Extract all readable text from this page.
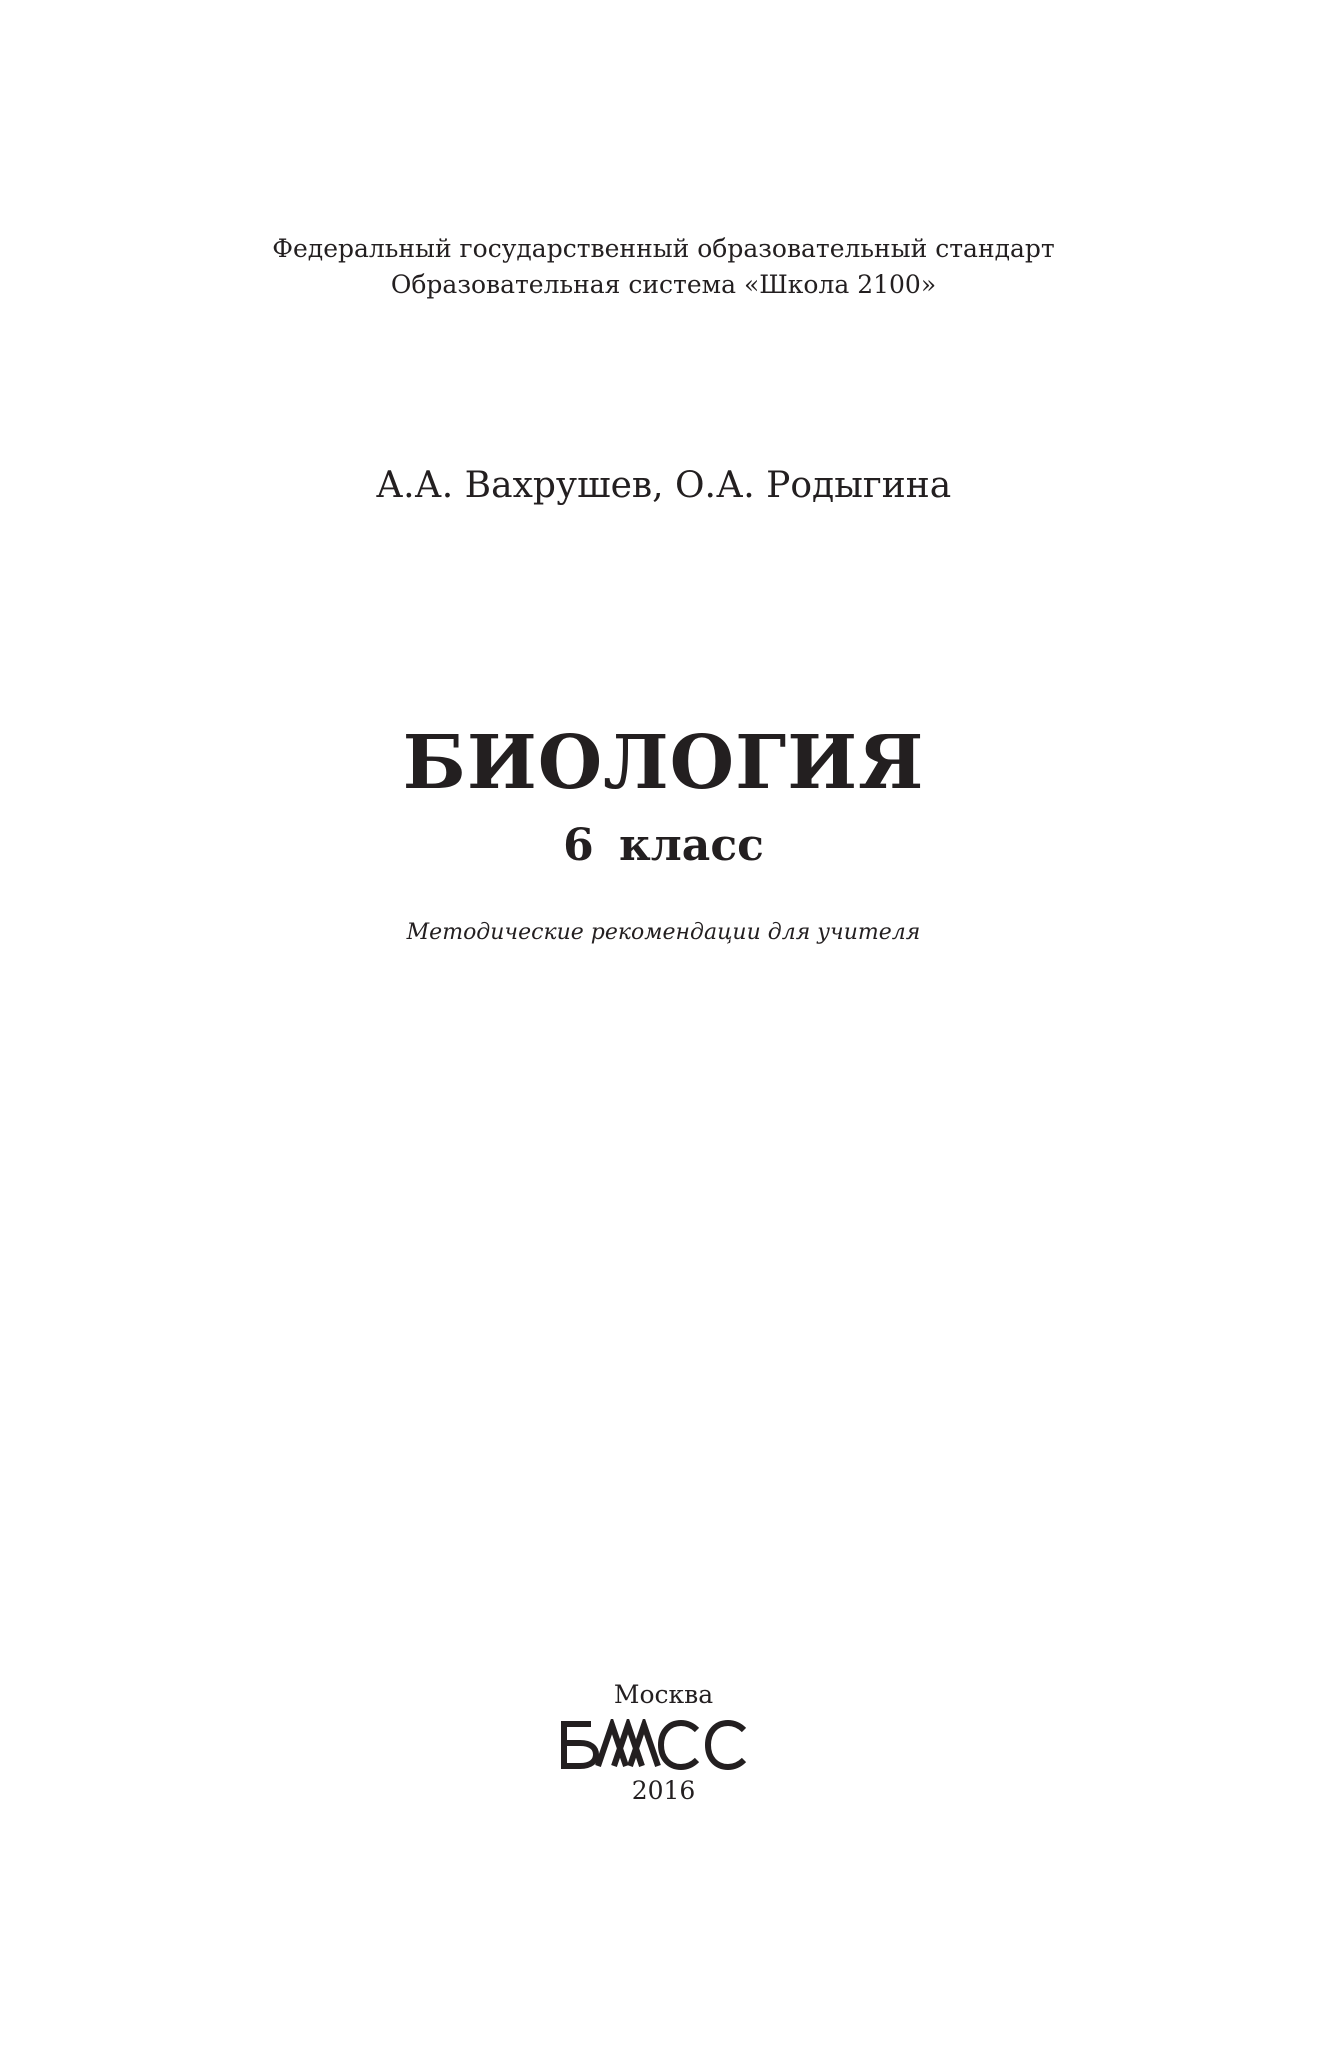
Федеральный государственный образовательный стандарт
Образовательная система «Школа 2100»
А.А. Вахрушев, О.А. Родыгина
БИОЛОГИЯ
6 класс
Методические рекомендации для учителя
Москва
2016
